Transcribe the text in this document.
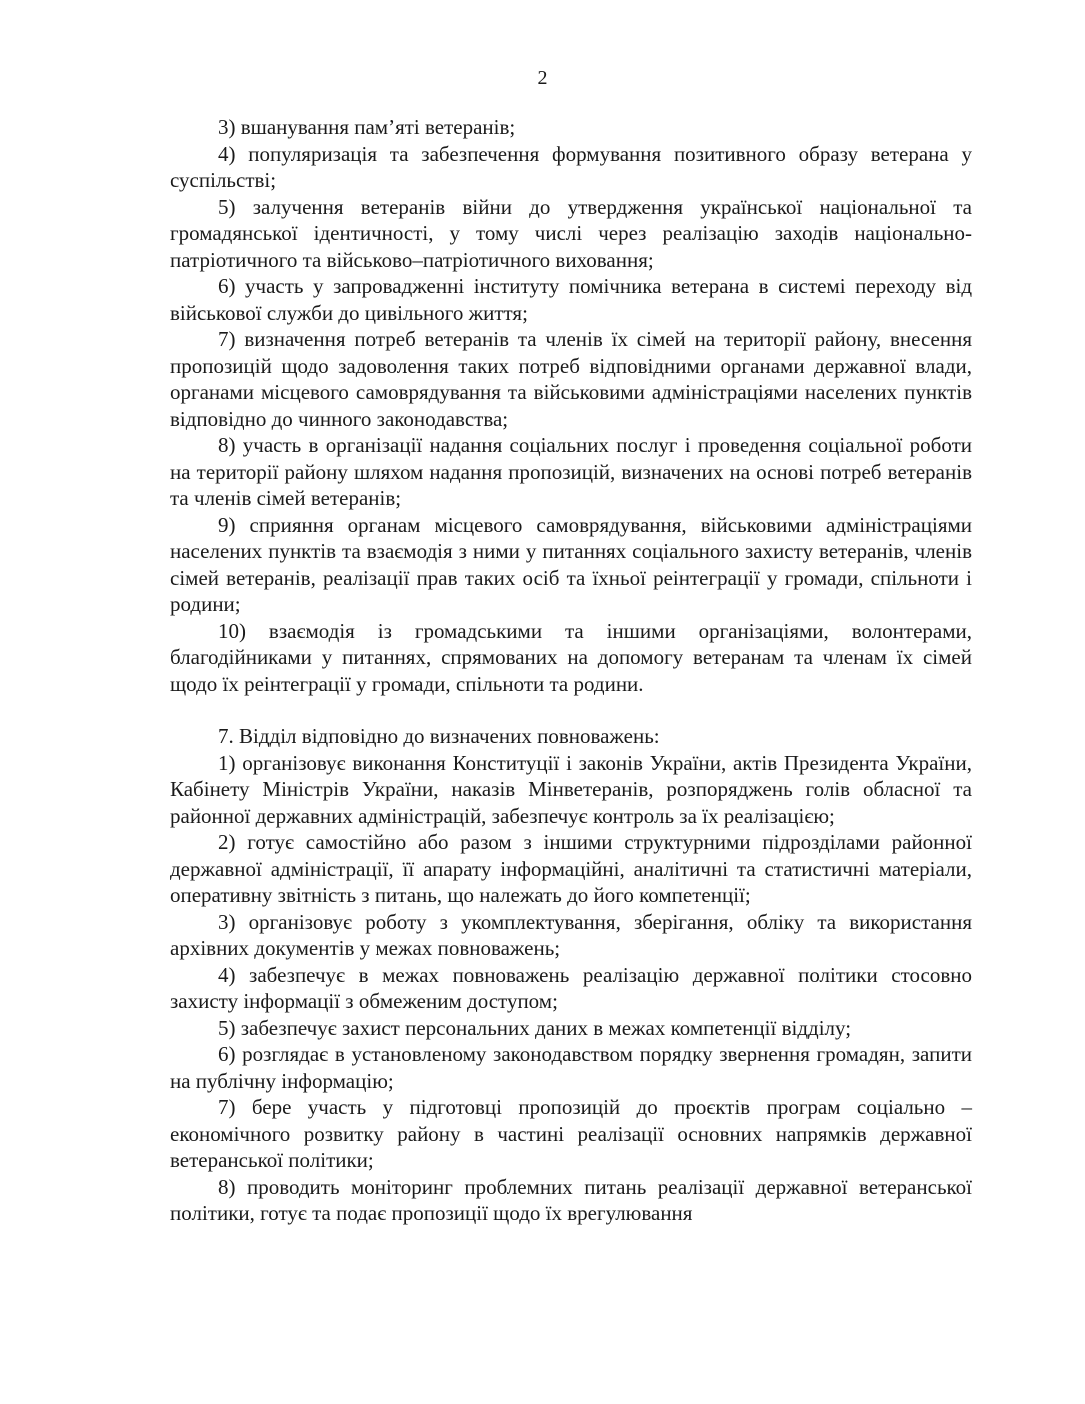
2

3) вшанування пам’яті ветеранів;

4) популяризація та забезпечення формування позитивного образу ветерана у суспільстві;

5) залучення ветеранів війни до утвердження української національної та громадянської ідентичності, у тому числі через реалізацію заходів національно-патріотичного та військово–патріотичного виховання;

6) участь у запровадженні інституту помічника ветерана в системі переходу від військової служби до цивільного життя;

7) визначення потреб ветеранів та членів їх сімей на території району, внесення пропозицій щодо задоволення таких потреб відповідними органами державної влади, органами місцевого самоврядування та військовими адміністраціями населених пунктів відповідно до чинного законодавства;

8) участь в організації надання соціальних послуг і проведення соціальної роботи на території району шляхом надання пропозицій, визначених на основі потреб ветеранів та членів сімей ветеранів;

9) сприяння органам місцевого самоврядування, військовими адміністраціями населених пунктів та взаємодія з ними у питаннях соціального захисту ветеранів, членів сімей ветеранів, реалізації прав таких осіб та їхньої реінтеграції у громади, спільноти і родини;

10) взаємодія із громадськими та іншими організаціями, волонтерами, благодійниками у питаннях, спрямованих на допомогу ветеранам та членам їх сімей щодо їх реінтеграції у громади, спільноти та родини.

7. Відділ відповідно до визначених повноважень:

1) організовує виконання Конституції і законів України, актів Президента України, Кабінету Міністрів України, наказів Мінветеранів, розпоряджень голів обласної та районної державних адміністрацій, забезпечує контроль за їх реалізацією;

2) готує самостійно або разом з іншими структурними підрозділами районної державної адміністрації, її апарату інформаційні, аналітичні та статистичні матеріали, оперативну звітність з питань, що належать до його компетенції;

3) організовує роботу з укомплектування, зберігання, обліку та використання архівних документів у межах повноважень;

4) забезпечує в межах повноважень реалізацію державної політики стосовно захисту інформації з обмеженим доступом;

5) забезпечує захист персональних даних в межах компетенції відділу;

6) розглядає в установленому законодавством порядку звернення громадян, запити на публічну інформацію;

7) бере участь у підготовці пропозицій до проєктів програм соціально – економічного розвитку району в частині реалізації основних напрямків державної ветеранської політики;

8) проводить моніторинг проблемних питань реалізації державної ветеранської політики, готує та подає пропозиції щодо їх врегулювання
